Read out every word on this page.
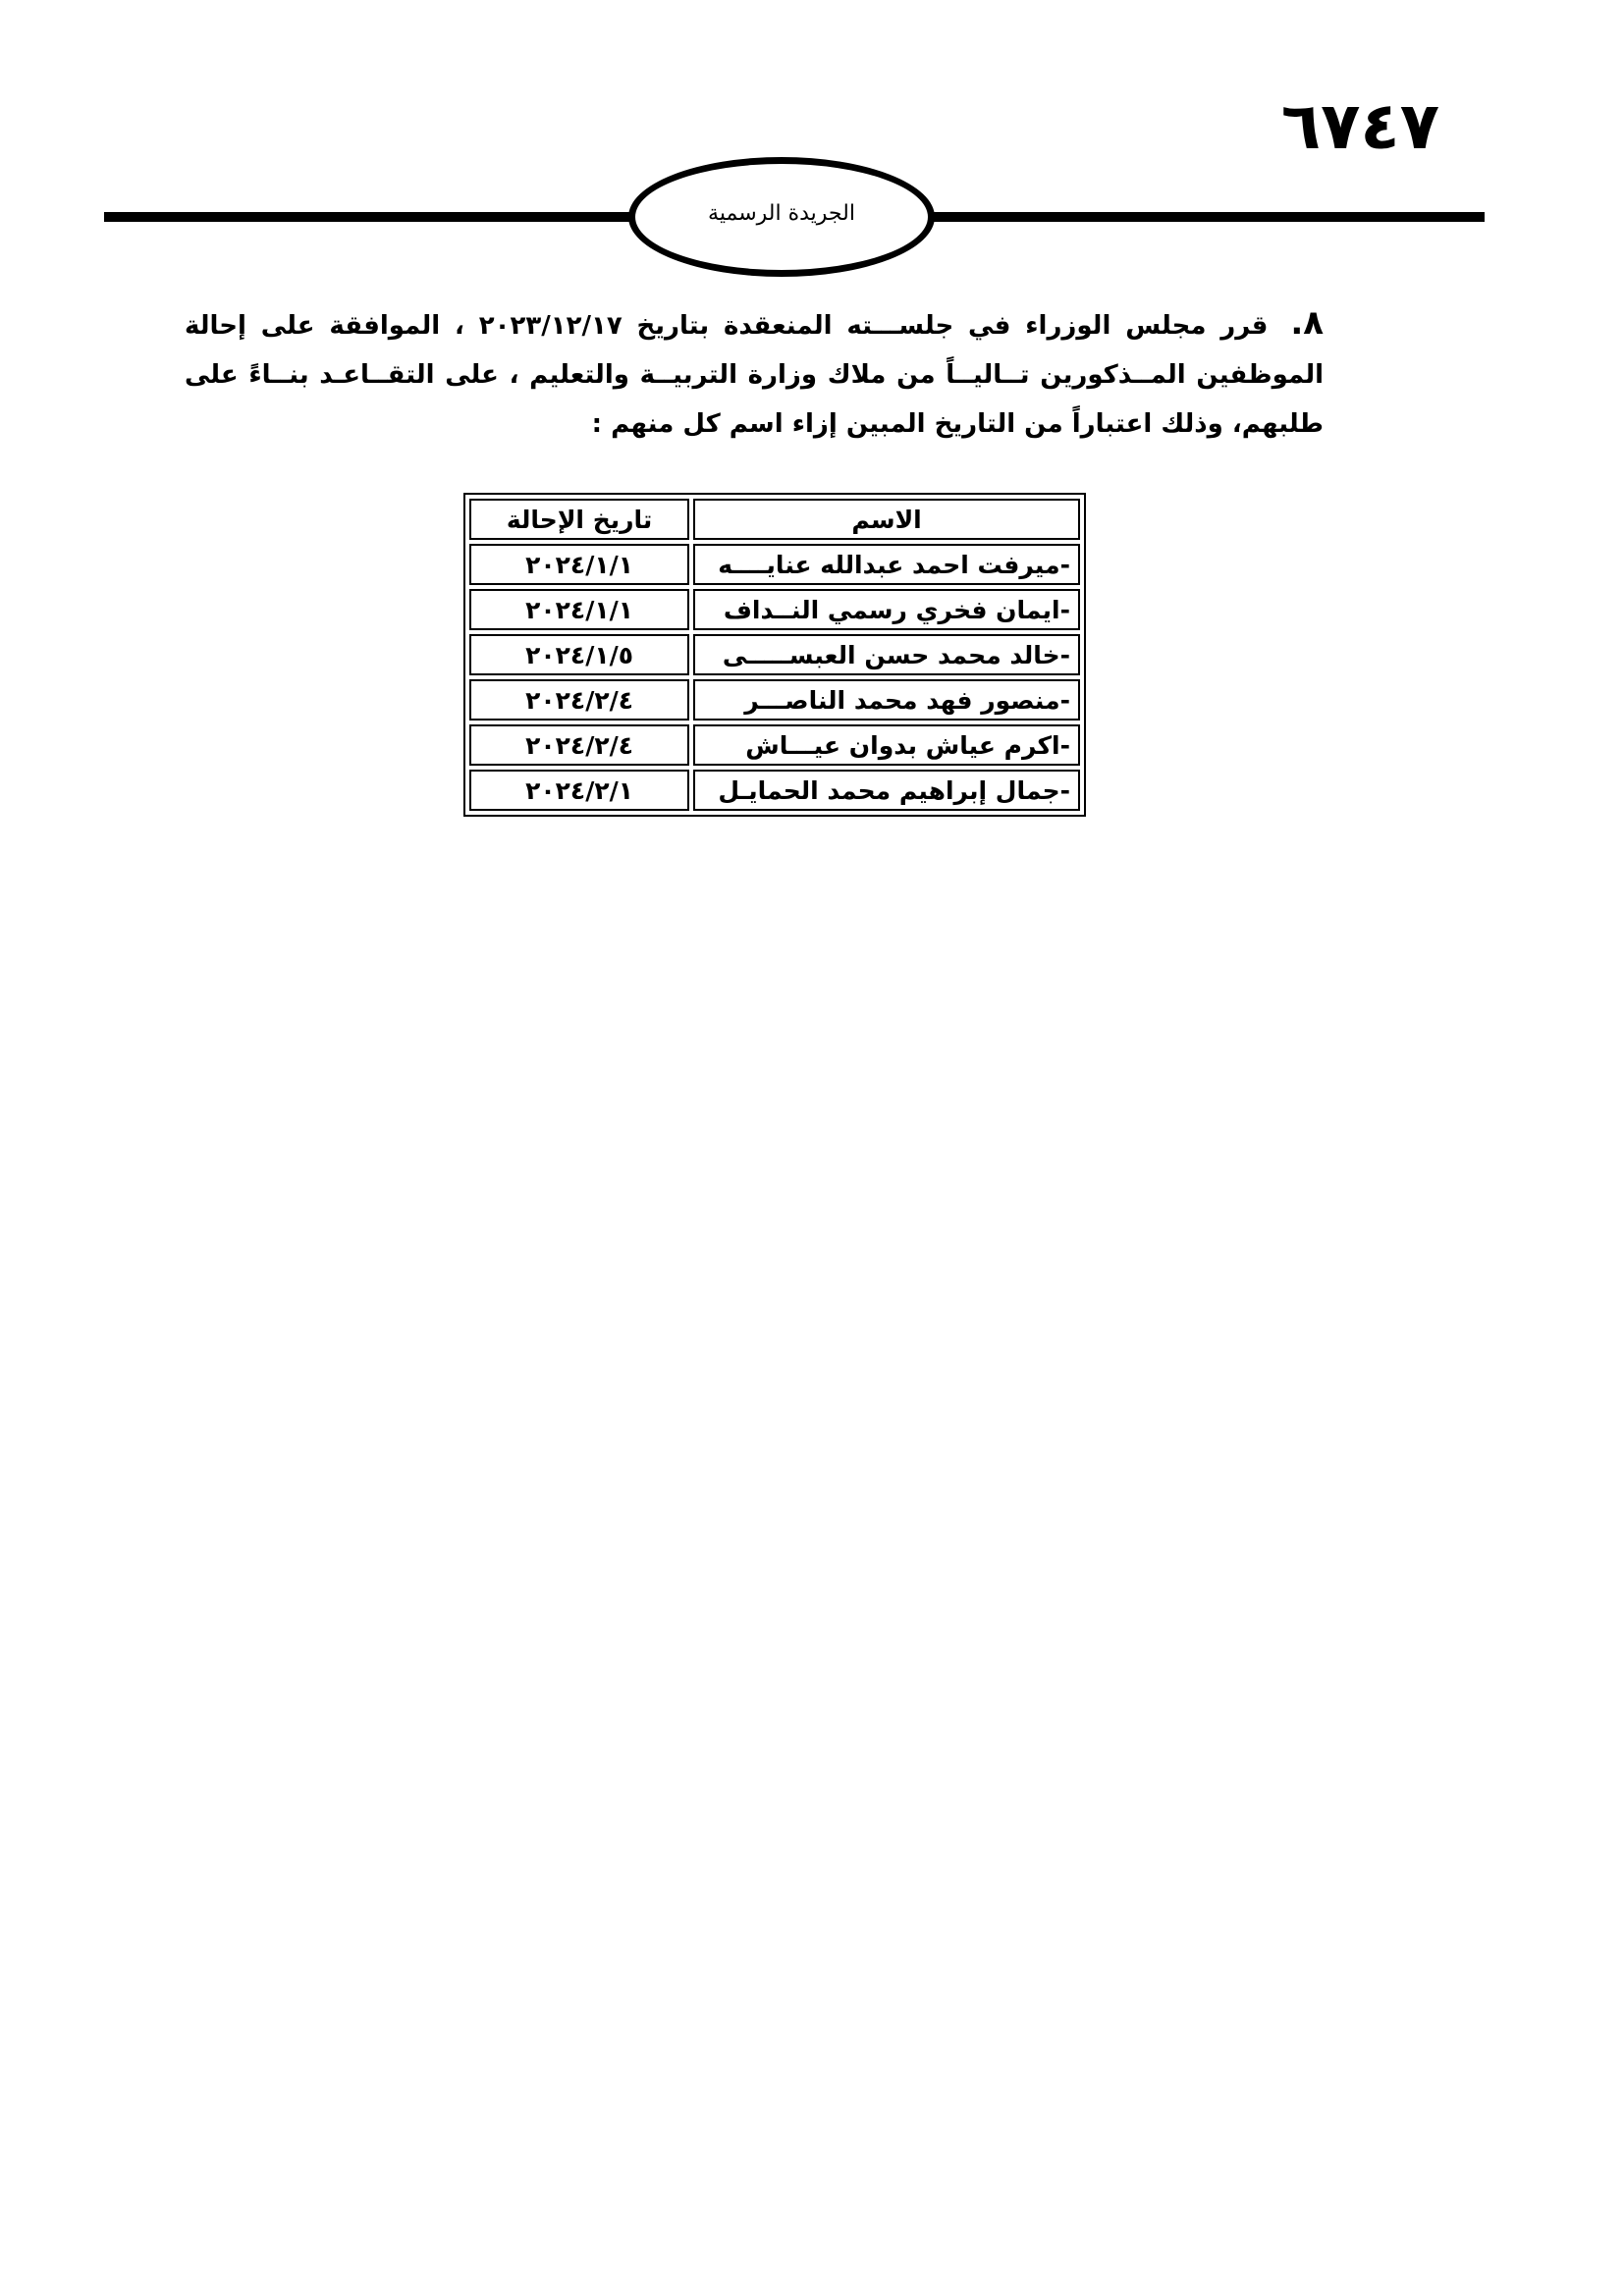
٦٧٤٧
الجريدة الرسمية
٨. قرر مجلس الوزراء في جلســـته المنعقدة بتاريخ ٢٠٢٣/١٢/١٧ ، الموافقة على إحالة الموظفين المــذكورين تــاليــاً من ملاك وزارة التربيــة والتعليم ، على التقــاعـد بنــاءً على طلبهم، وذلك اعتباراً من التاريخ المبين إزاء اسم كل منهم :
الاسم	تاريخ الإحالة
-ميرفت احمد عبدالله عنايــــه	٢٠٢٤/١/١
-ايمان فخري رسمي النــداف	٢٠٢٤/١/١
-خالد محمد حسن العبســـــى	٢٠٢٤/١/٥
-منصور فهد محمد الناصـــر	٢٠٢٤/٢/٤
-اكرم عياش بدوان عيـــاش	٢٠٢٤/٢/٤
-جمال إبراهيم محمد الحمايـل	٢٠٢٤/٢/١
